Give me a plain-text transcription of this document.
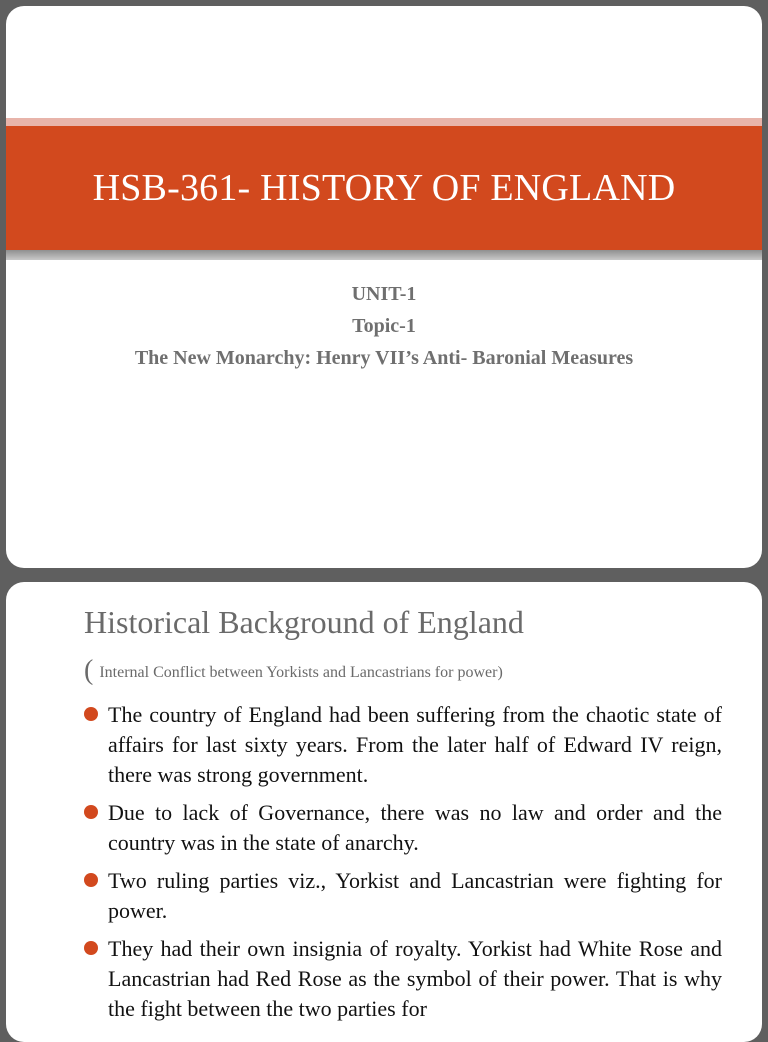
HSB-361- HISTORY OF ENGLAND
UNIT-1
Topic-1
The New Monarchy: Henry VII’s Anti- Baronial Measures
Historical Background of England
( Internal Conflict between Yorkists and Lancastrians for power)
The country of England had been suffering from the chaotic state of affairs for last sixty years. From the later half of Edward IV reign, there was strong government.
Due to lack of Governance, there was no law and order and the country was in the state of anarchy.
Two ruling parties viz., Yorkist and Lancastrian were fighting for power.
They had their own insignia of royalty. Yorkist had White Rose and Lancastrian had Red Rose as the symbol of their power. That is why the fight between the two parties for
